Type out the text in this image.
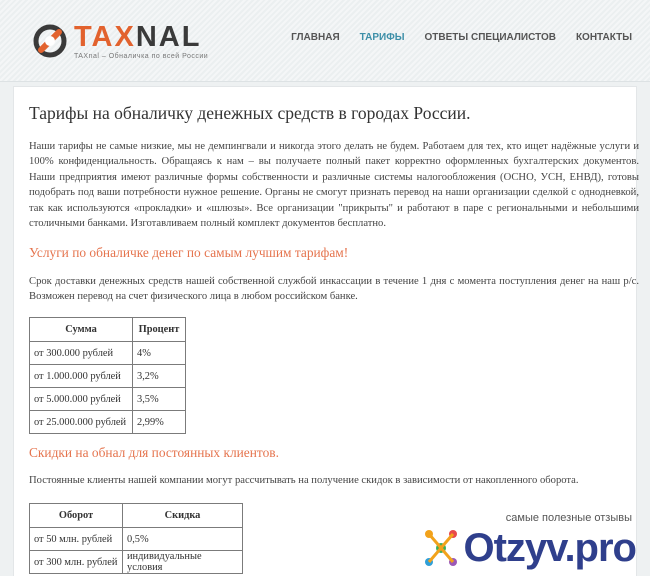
TAXNAL
TAXnal – Обналичка по всей России
ГЛАВНАЯ ТАРИФЫ ОТВЕТЫ СПЕЦИАЛИСТОВ КОНТАКТЫ
Тарифы на обналичку денежных средств в городах России.

Наши тарифы не самые низкие, мы не демпингвали и никогда этого делать не будем. Работаем для тех, кто ищет надёжные услуги и 100% конфиденциальность. Обращаясь к нам – вы получаете полный пакет корректно оформленных бухгалтерских документов. Наши предприятия имеют различные формы собственности и различные системы налогообложения (ОСНО, УСН, ЕНВД), готовы подобрать под ваши потребности нужное решение. Органы не смогут признать перевод на наши организации сделкой с однодневкой, так как используются «прокладки» и «шлюзы». Все организации "прикрыты" и работают в паре с региональными и небольшими столичными банками. Изготавливаем полный комплект документов бесплатно.

Услуги по обналичке денег по самым лучшим тарифам!

Срок доставки денежных средств нашей собственной службой инкассации в течение 1 дня с момента поступления денег на наш р/с. Возможен перевод на счет физического лица в любом российском банке.

Сумма	Процент
от 300.000 рублей	4%
от 1.000.000 рублей	3,2%
от 5.000.000 рублей	3,5%
от 25.000.000 рублей	2,99%
Скидки на обнал для постоянных клиентов.

Постоянные клиенты нашей компании могут рассчитывать на получение скидок в зависимости от накопленного оборота.

Оборот	Скидка
от 50 млн. рублей	0,5%
от 300 млн. рублей	индивидуальные условия
самые полезные отзывы
Otzyv.pro
